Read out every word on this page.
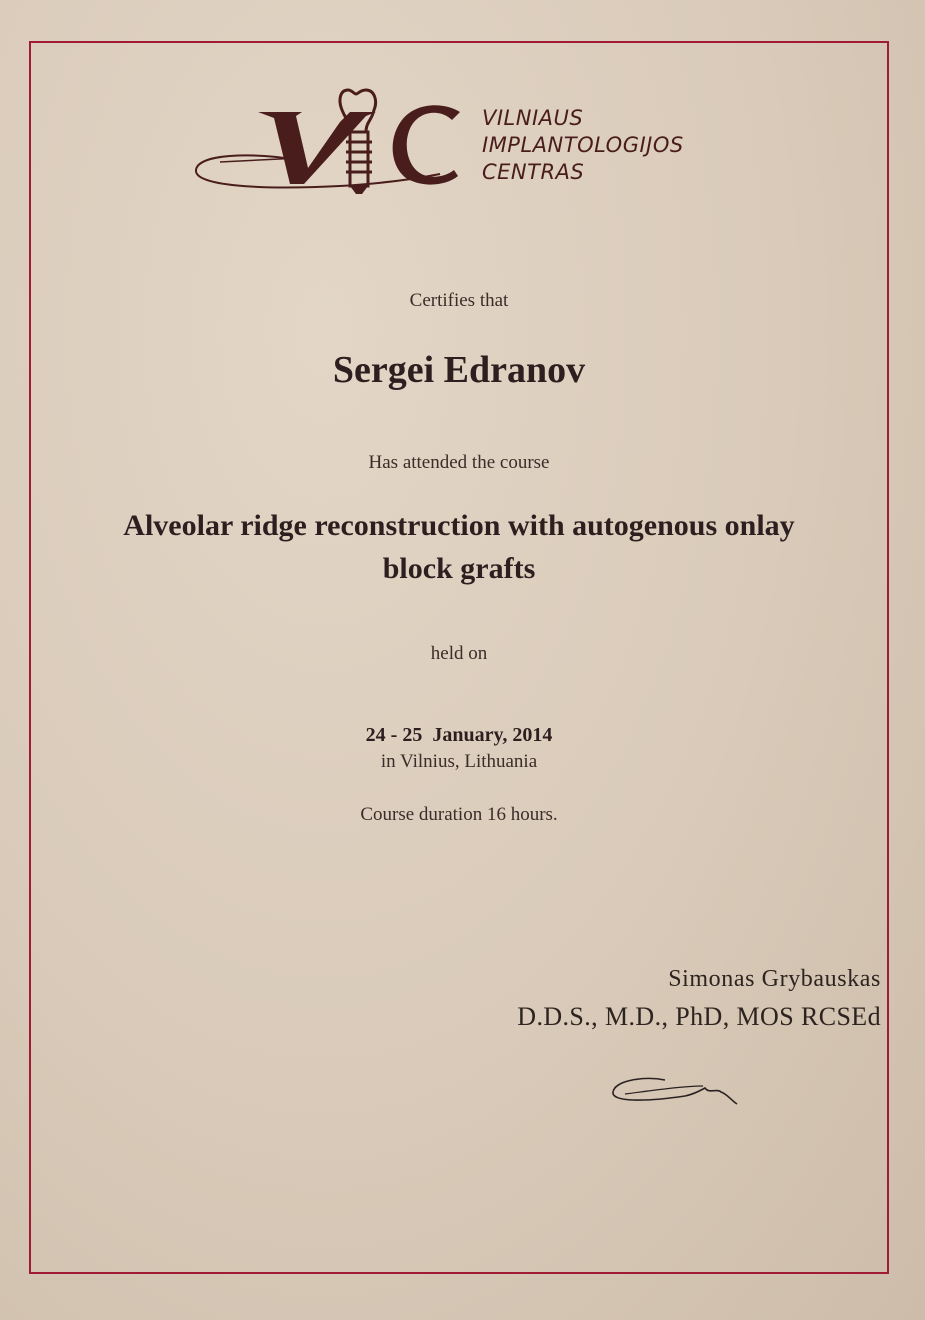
VILNIAUS
IMPLANTOLOGIJOS
CENTRAS
Certifies that
Sergei Edranov
Has attended the course
Alveolar ridge reconstruction with autogenous onlay
block grafts
held on
24 - 25  January, 2014
in Vilnius, Lithuania
Course duration 16 hours.
Simonas Grybauskas
D.D.S., M.D., PhD, MOS RCSEd
